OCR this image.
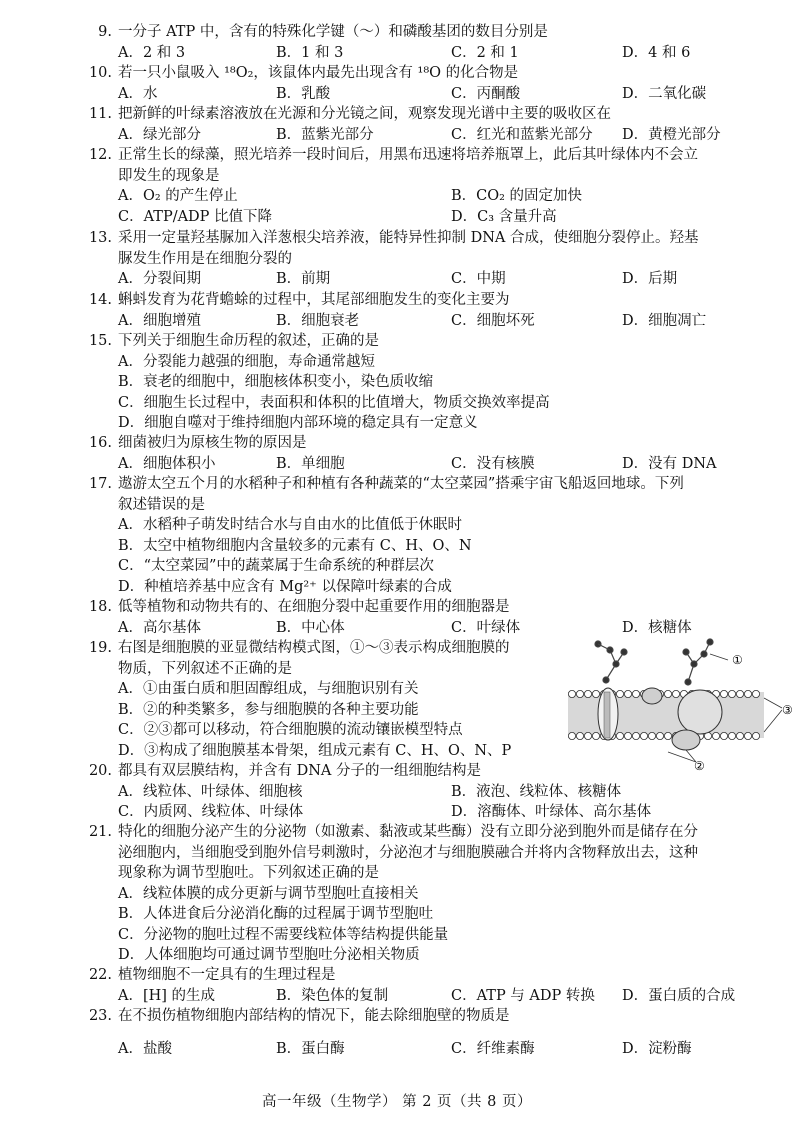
9. 一分子 ATP 中，含有的特殊化学键（～）和磷酸基团的数目分别是
A．2 和 3	B．1 和 3	C．2 和 1	D．4 和 6
10. 若一只小鼠吸入 ¹⁸O₂，该鼠体内最先出现含有 ¹⁸O 的化合物是
A．水	B．乳酸	C．丙酮酸	D．二氧化碳
11. 把新鲜的叶绿素溶液放在光源和分光镜之间，观察发现光谱中主要的吸收区在
A．绿光部分	B．蓝紫光部分	C．红光和蓝紫光部分 D．黄橙光部分
12. 正常生长的绿藻，照光培养一段时间后，用黑布迅速将培养瓶罩上，此后其叶绿体内不会立
即发生的现象是
A．O₂ 的产生停止	B．CO₂ 的固定加快
C．ATP/ADP 比值下降	D．C₃ 含量升高
13. 采用一定量羟基脲加入洋葱根尖培养液，能特异性抑制 DNA 合成，使细胞分裂停止。羟基
脲发生作用是在细胞分裂的
A．分裂间期	B．前期	C．中期	D．后期
14. 蝌蚪发育为花背蟾蜍的过程中，其尾部细胞发生的变化主要为
A．细胞增殖	B．细胞衰老	C．细胞坏死	D．细胞凋亡
15. 下列关于细胞生命历程的叙述，正确的是
A．分裂能力越强的细胞，寿命通常越短
B．衰老的细胞中，细胞核体积变小，染色质收缩
C．细胞生长过程中，表面积和体积的比值增大，物质交换效率提高
D．细胞自噬对于维持细胞内部环境的稳定具有一定意义
16. 细菌被归为原核生物的原因是
A．细胞体积小	B．单细胞	C．没有核膜	D．没有 DNA
17. 遨游太空五个月的水稻种子和种植有各种蔬菜的“太空菜园”搭乘宇宙飞船返回地球。下列
叙述错误的是
A．水稻种子萌发时结合水与自由水的比值低于休眠时
B．太空中植物细胞内含量较多的元素有 C、H、O、N
C．“太空菜园”中的蔬菜属于生命系统的种群层次
D．种植培养基中应含有 Mg²⁺ 以保障叶绿素的合成
18. 低等植物和动物共有的、在细胞分裂中起重要作用的细胞器是
A．高尔基体	B．中心体	C．叶绿体	D．核糖体
19. 右图是细胞膜的亚显微结构模式图，①～③表示构成细胞膜的
物质，下列叙述不正确的是
A．①由蛋白质和胆固醇组成，与细胞识别有关
B．②的种类繁多，参与细胞膜的各种主要功能
C．②③都可以移动，符合细胞膜的流动镶嵌模型特点
D．③构成了细胞膜基本骨架，组成元素有 C、H、O、N、P
①
③
②
20. 都具有双层膜结构，并含有 DNA 分子的一组细胞结构是
A．线粒体、叶绿体、细胞核	B．液泡、线粒体、核糖体
C．内质网、线粒体、叶绿体	D．溶酶体、叶绿体、高尔基体
21. 特化的细胞分泌产生的分泌物（如激素、黏液或某些酶）没有立即分泌到胞外而是储存在分
泌细胞内，当细胞受到胞外信号刺激时，分泌泡才与细胞膜融合并将内含物释放出去，这种
现象称为调节型胞吐。下列叙述正确的是
A．线粒体膜的成分更新与调节型胞吐直接相关
B．人体进食后分泌消化酶的过程属于调节型胞吐
C．分泌物的胞吐过程不需要线粒体等结构提供能量
D．人体细胞均可通过调节型胞吐分泌相关物质
22. 植物细胞不一定具有的生理过程是
A．[H] 的生成	B．染色体的复制	C．ATP 与 ADP 转换 D．蛋白质的合成
23. 在不损伤植物细胞内部结构的情况下，能去除细胞壁的物质是
A．盐酸	B．蛋白酶	C．纤维素酶	D．淀粉酶
高一年级（生物学） 第 2 页（共 8 页）
